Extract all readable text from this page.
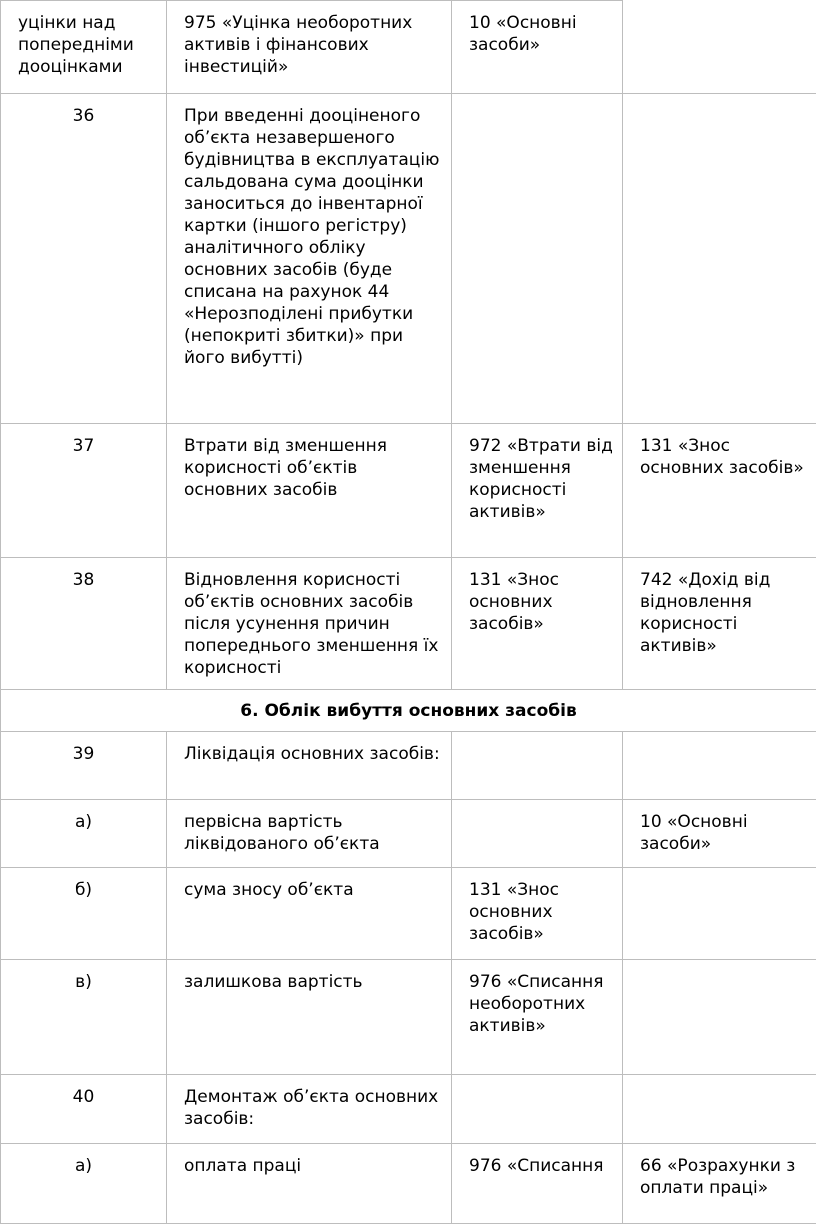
уцінки над попередніми дооцінками	975 «Уцінка необоротних активів і фінансових інвестицій»	10 «Основні засоби»	
36	При введенні дооціненого об’єкта незавершеного будівництва в експлуатацію сальдована сума дооцінки заноситься до інвентарної картки (іншого регістру) аналітичного обліку основних засобів (буде списана на рахунок 44 «Нерозподілені прибутки (непокриті збитки)» при його вибутті)		
37	Втрати від зменшення корисності об’єктів основних засобів	972 «Втрати від зменшення корисності активів»	131 «Знос основних засобів»
38	Відновлення корисності об’єктів основних засобів після усунення причин попереднього зменшення їх корисності	131 «Знос основних засобів»	742 «Дохід від відновлення корисності активів»
6. Облік вибуття основних засобів			
39	Ліквідація основних засобів:		
а)	первісна вартість ліквідованого об’єкта		10 «Основні засоби»
б)	сума зносу об’єкта	131 «Знос основних засобів»	
в)	залишкова вартість	976 «Списання необоротних активів»	
40	Демонтаж об’єкта основних засобів:		
а)	оплата праці	976 «Списання	66 «Розрахунки з оплати праці»
